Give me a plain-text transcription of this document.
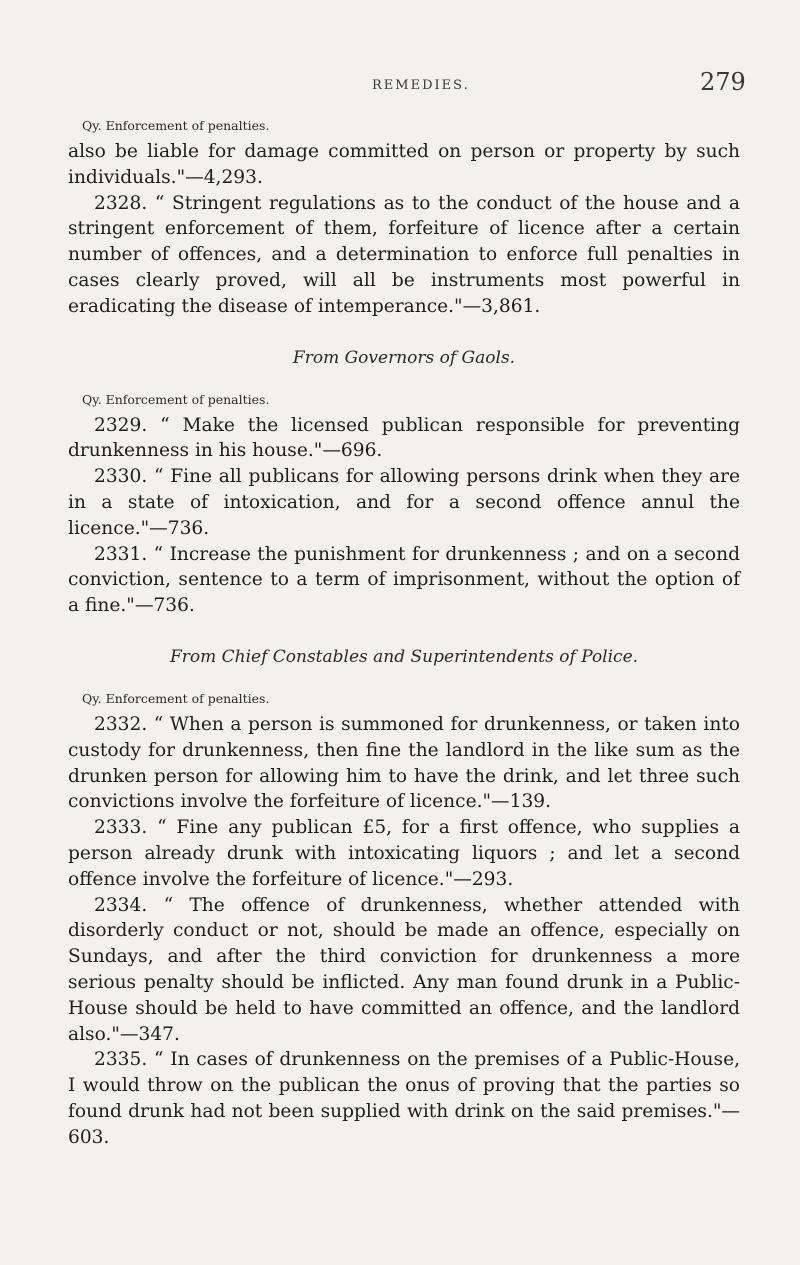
REMEDIES.	279
Qy. Enforcement of penalties.

also be liable for damage committed on person or property by such individuals."—4,293.

2328. “ Stringent regulations as to the conduct of the house and a stringent enforcement of them, forfeiture of licence after a certain number of offences, and a determination to enforce full penalties in cases clearly proved, will all be instruments most powerful in eradicating the disease of intemperance."—3,861.

From Governors of Gaols.
Qy. Enforcement of penalties.

2329. “ Make the licensed publican responsible for preventing drunkenness in his house."—696.

2330. “ Fine all publicans for allowing persons drink when they are in a state of intoxication, and for a second offence annul the licence."—736.

2331. “ Increase the punishment for drunkenness ; and on a second conviction, sentence to a term of imprisonment, without the option of a fine."—736.

From Chief Constables and Superintendents of Police.
Qy. Enforcement of penalties.

2332. “ When a person is summoned for drunkenness, or taken into custody for drunkenness, then fine the landlord in the like sum as the drunken person for allowing him to have the drink, and let three such convictions involve the forfeiture of licence."—139.

2333. “ Fine any publican £5, for a first offence, who supplies a person already drunk with intoxicating liquors ; and let a second offence involve the forfeiture of licence."—293.

2334. “ The offence of drunkenness, whether attended with disorderly conduct or not, should be made an offence, especially on Sundays, and after the third conviction for drunkenness a more serious penalty should be inflicted. Any man found drunk in a Public-House should be held to have committed an offence, and the landlord also."—347.

2335. “ In cases of drunkenness on the premises of a Public-House, I would throw on the publican the onus of proving that the parties so found drunk had not been supplied with drink on the said premises."—603.
